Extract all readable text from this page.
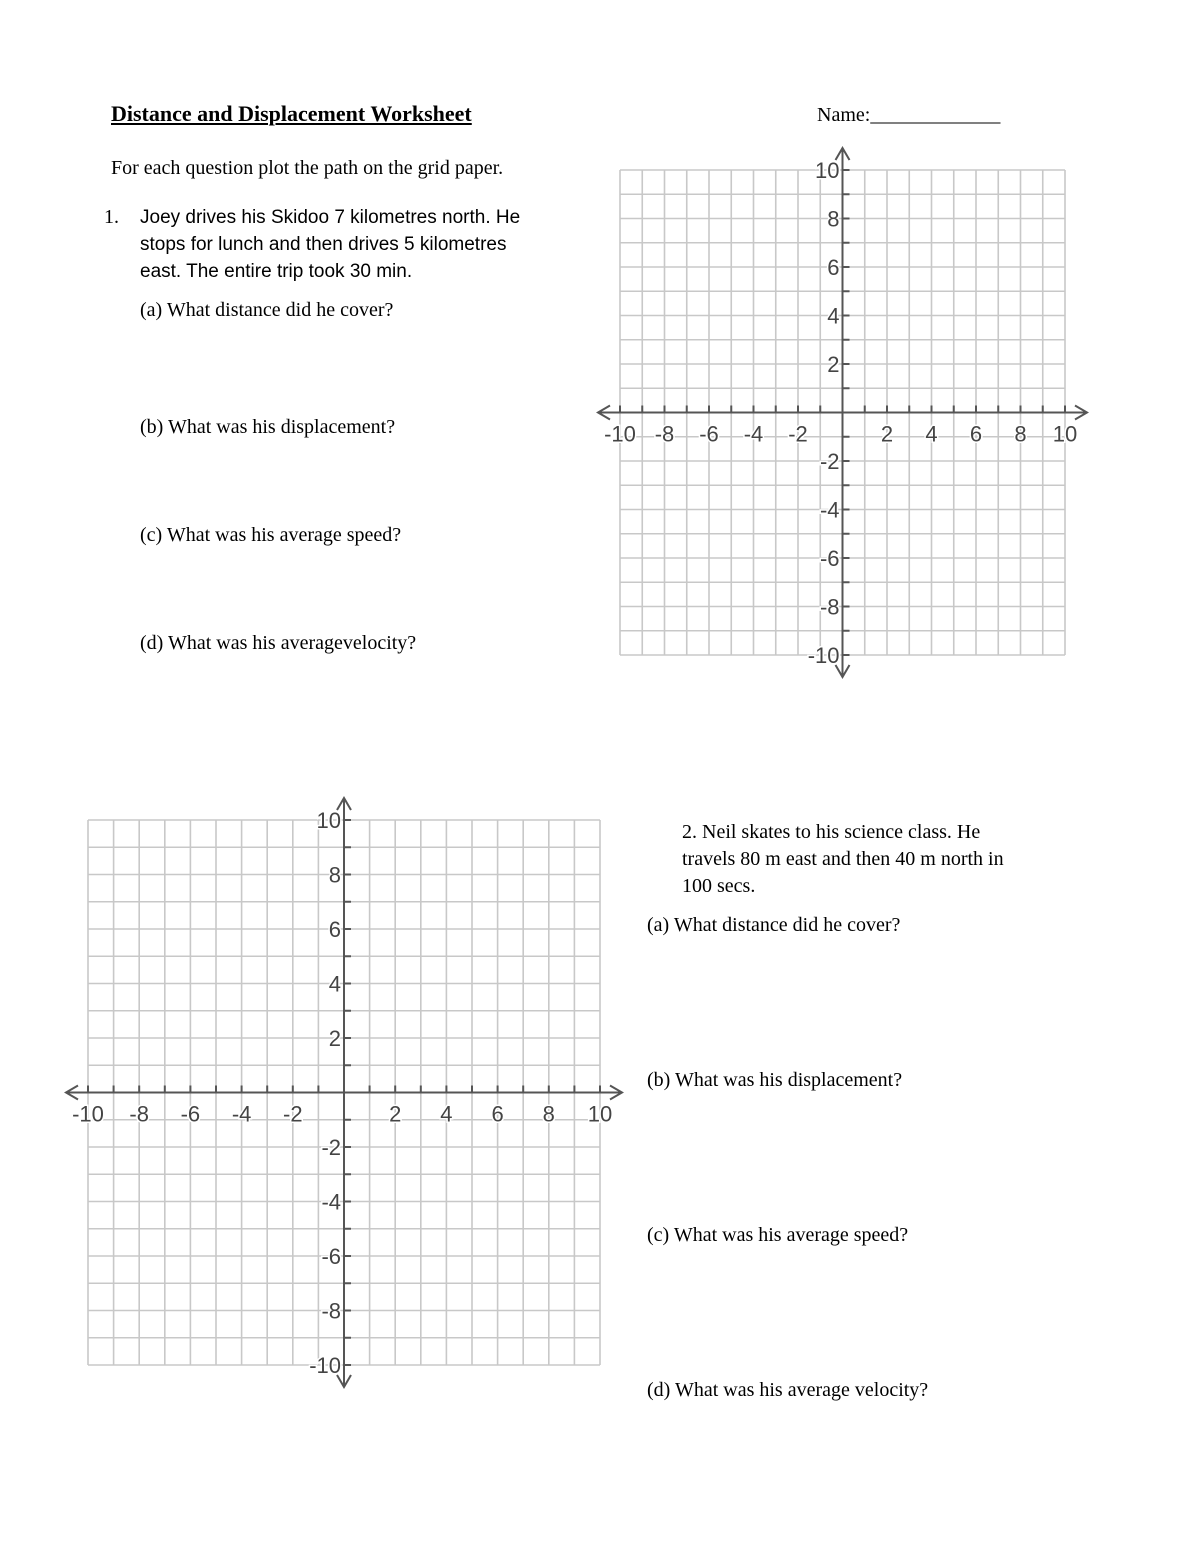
Distance and Displacement Worksheet	Name:_____________
For each question plot the path on the grid paper.
1. Joey drives his Skidoo 7 kilometres north. He
stops for lunch and then drives 5 kilometres
east. The entire trip took 30 min.
(a) What distance did he cover?
(b) What was his displacement?
(c) What was his average speed?
(d) What was his averagevelocity?
2. Neil skates to his science class. He
travels 80 m east and then 40 m north in
100 secs.
(a) What distance did he cover?
(b) What was his displacement?
(c) What was his average speed?
(d) What was his average velocity?
-10 -8 -6 -4 -2	2 4 6 8 10
10
8
6
4
2
-2
-4
-6
-8
-10
-10 -8 -6 -4 -2	2 4 6 8 10
10
8
6
4
2
-2
-4
-6
-8
-10
